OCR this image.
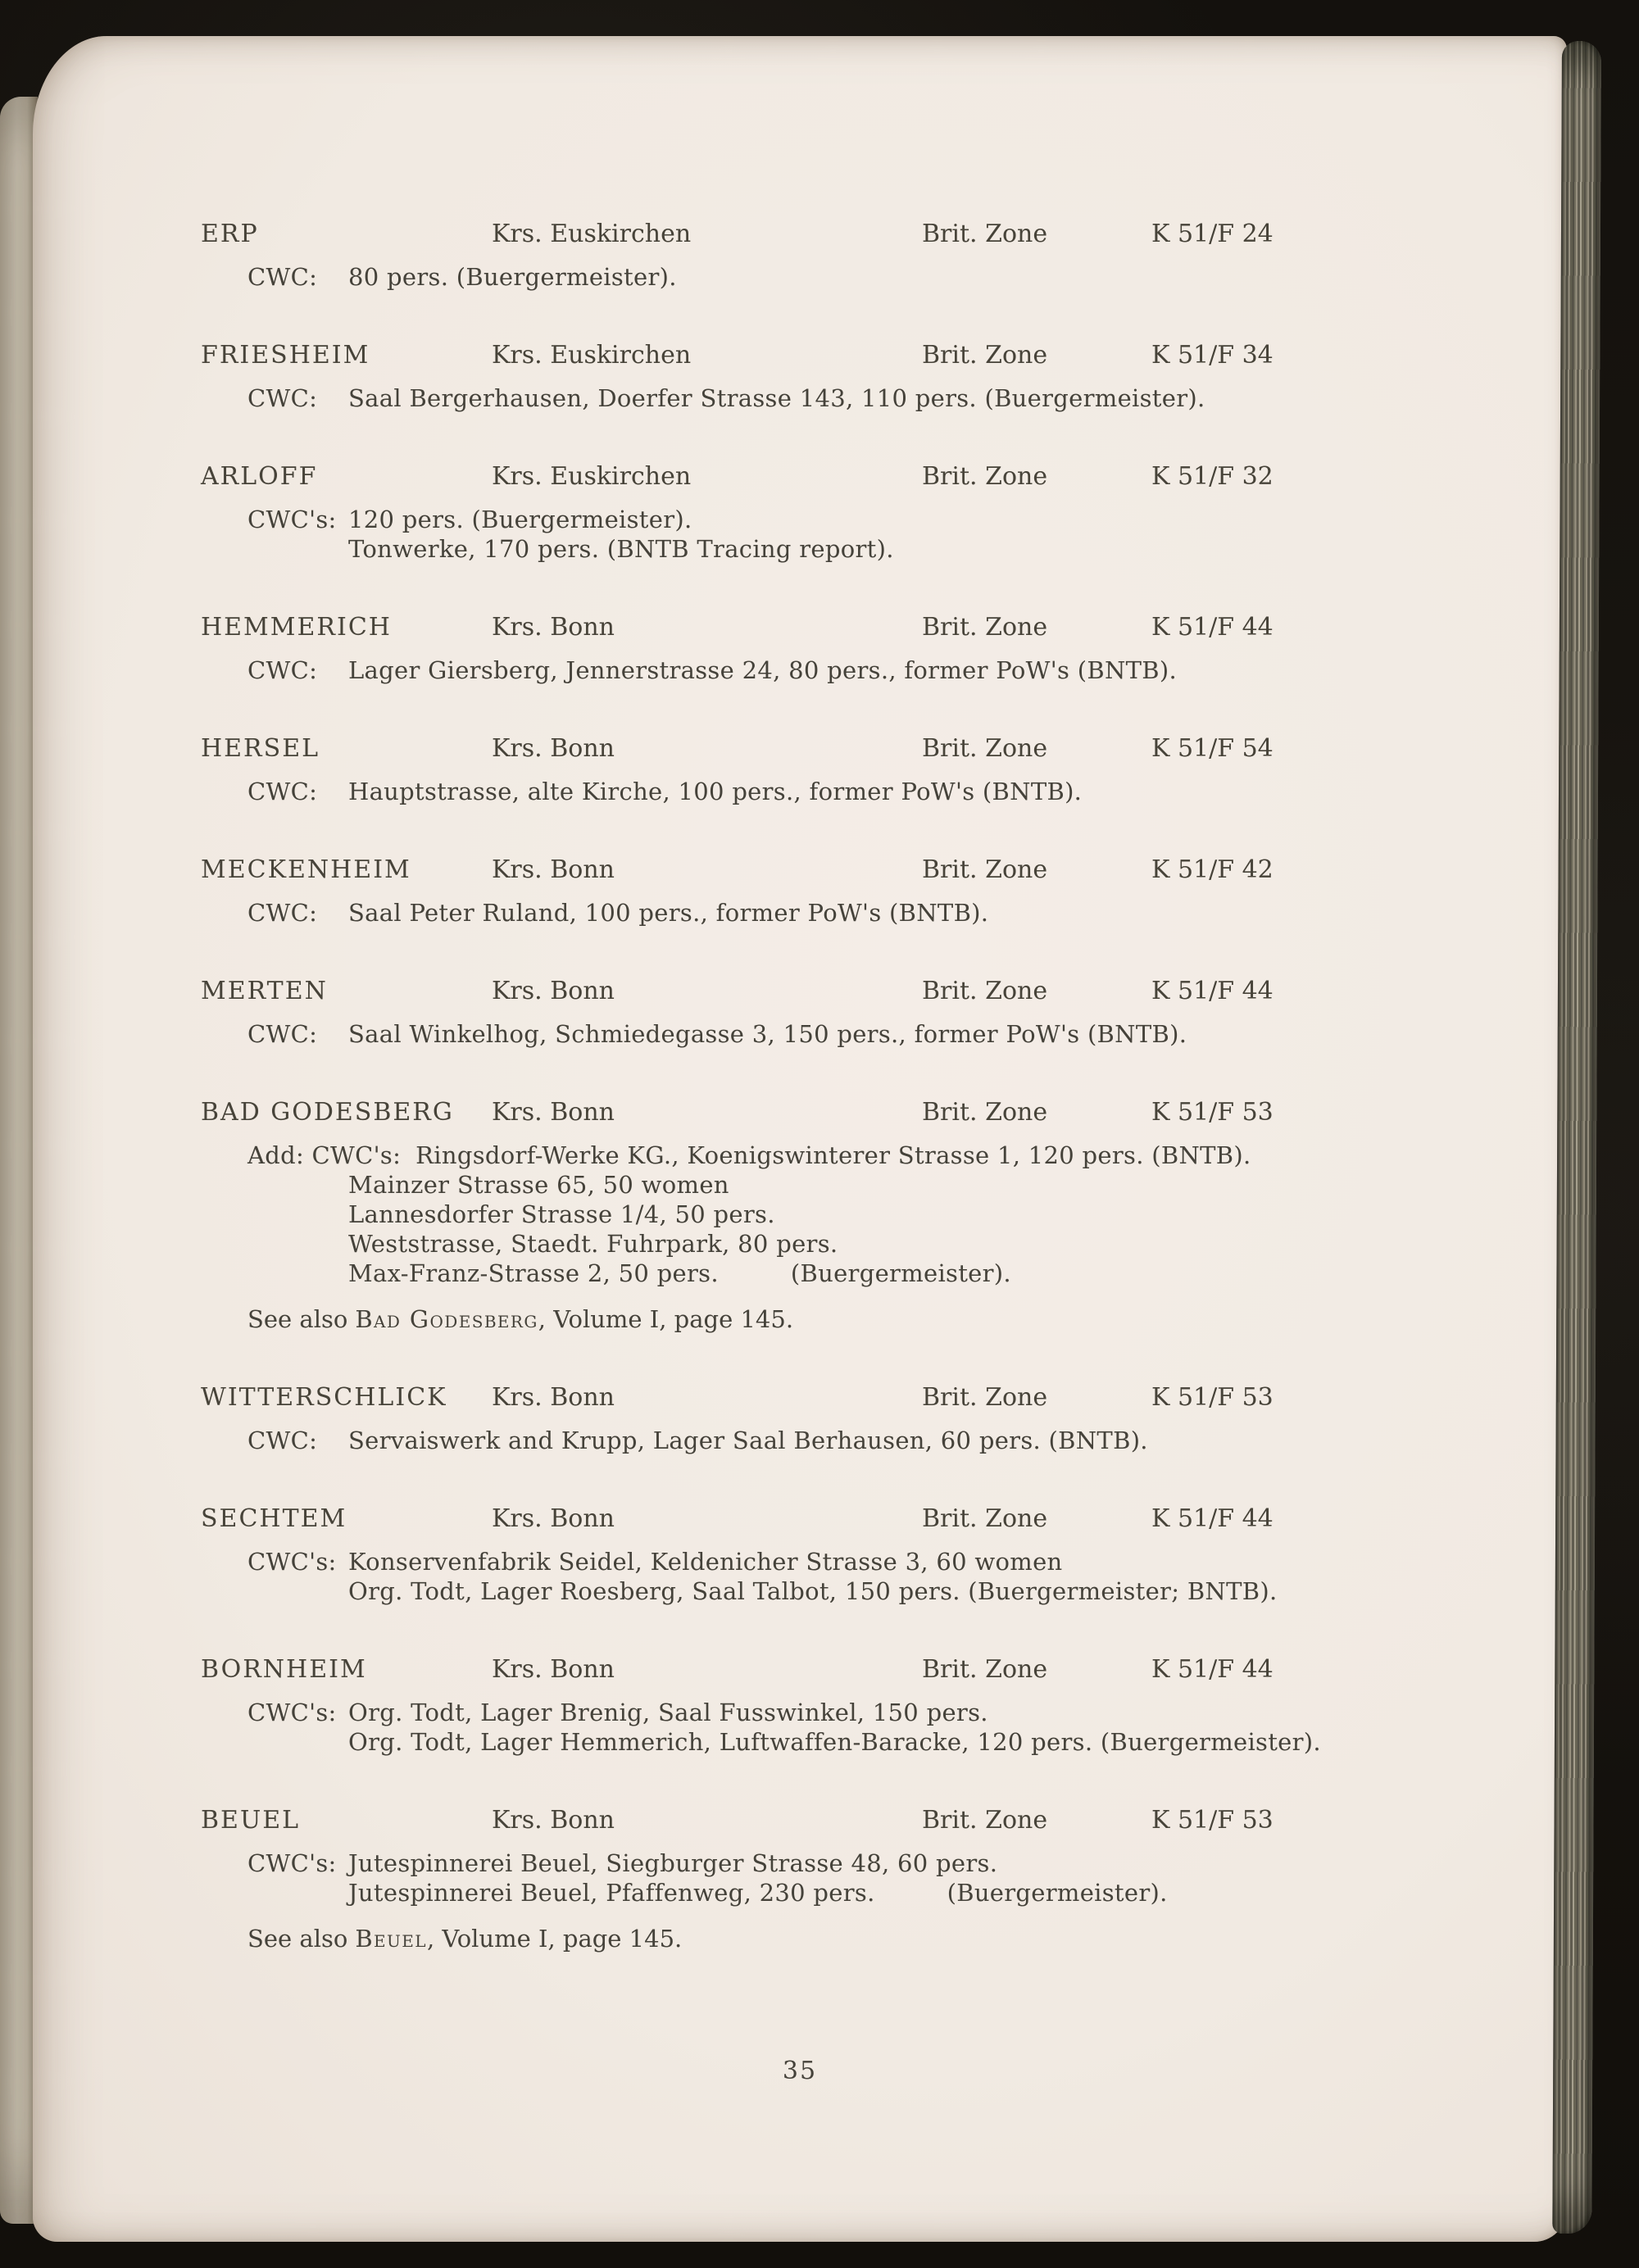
ERP	Krs. Euskirchen	Brit. Zone	K 51/F 24
CWC: 80 pers. (Buergermeister).
FRIESHEIM	Krs. Euskirchen	Brit. Zone	K 51/F 34
CWC: Saal Bergerhausen, Doerfer Strasse 143, 110 pers. (Buergermeister).
ARLOFF	Krs. Euskirchen	Brit. Zone	K 51/F 32
CWC's: 120 pers. (Buergermeister).
Tonwerke, 170 pers. (BNTB Tracing report).
HEMMERICH	Krs. Bonn	Brit. Zone	K 51/F 44
CWC: Lager Giersberg, Jennerstrasse 24, 80 pers., former PoW's (BNTB).
HERSEL	Krs. Bonn	Brit. Zone	K 51/F 54
CWC: Hauptstrasse, alte Kirche, 100 pers., former PoW's (BNTB).
MECKENHEIM	Krs. Bonn	Brit. Zone	K 51/F 42
CWC: Saal Peter Ruland, 100 pers., former PoW's (BNTB).
MERTEN	Krs. Bonn	Brit. Zone	K 51/F 44
CWC: Saal Winkelhog, Schmiedegasse 3, 150 pers., former PoW's (BNTB).
BAD GODESBERG	Krs. Bonn	Brit. Zone	K 51/F 53
Add: CWC's: Ringsdorf-Werke KG., Koenigswinterer Strasse 1, 120 pers. (BNTB).
Mainzer Strasse 65, 50 women
Lannesdorfer Strasse 1/4, 50 pers.
Weststrasse, Staedt. Fuhrpark, 80 pers.
Max-Franz-Strasse 2, 50 pers.	(Buergermeister).
See also Bad Godesberg, Volume I, page 145.
WITTERSCHLICK	Krs. Bonn	Brit. Zone	K 51/F 53
CWC: Servaiswerk and Krupp, Lager Saal Berhausen, 60 pers. (BNTB).
SECHTEM	Krs. Bonn	Brit. Zone	K 51/F 44
CWC's: Konservenfabrik Seidel, Keldenicher Strasse 3, 60 women
Org. Todt, Lager Roesberg, Saal Talbot, 150 pers. (Buergermeister; BNTB).
BORNHEIM	Krs. Bonn	Brit. Zone	K 51/F 44
CWC's: Org. Todt, Lager Brenig, Saal Fusswinkel, 150 pers.
Org. Todt, Lager Hemmerich, Luftwaffen-Baracke, 120 pers. (Buergermeister).
BEUEL	Krs. Bonn	Brit. Zone	K 51/F 53
CWC's: Jutespinnerei Beuel, Siegburger Strasse 48, 60 pers.
Jutespinnerei Beuel, Pfaffenweg, 230 pers.	(Buergermeister).
See also Beuel, Volume I, page 145.
35
